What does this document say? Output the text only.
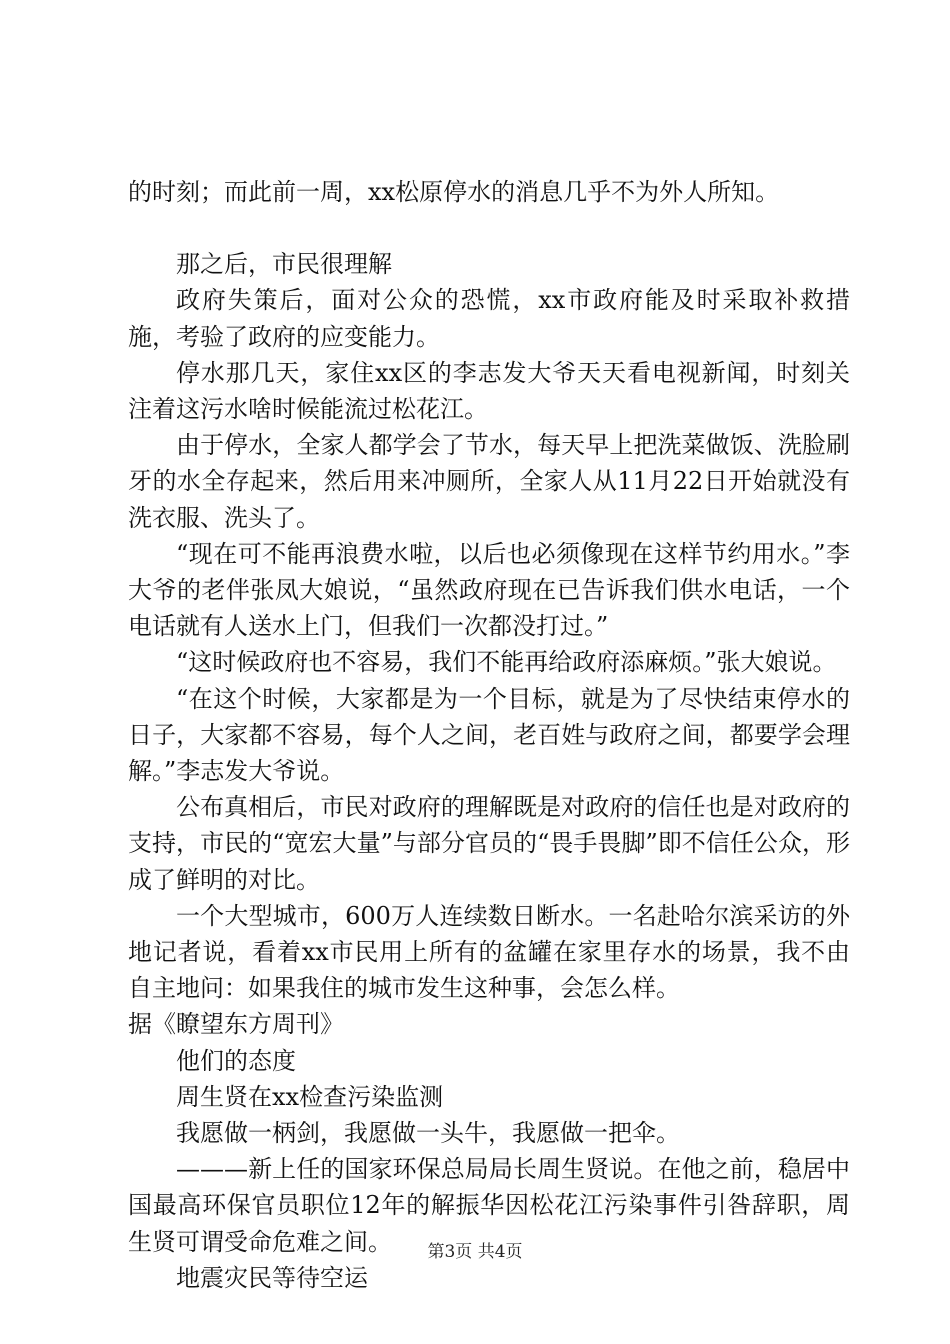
的时刻；而此前一周，xx松原停水的消息几乎不为外人所知。

那之后，市民很理解

政府失策后，面对公众的恐慌，xx市政府能及时采取补救措施，考验了政府的应变能力。

停水那几天，家住xx区的李志发大爷天天看电视新闻，时刻关注着这污水啥时候能流过松花江。

由于停水，全家人都学会了节水，每天早上把洗菜做饭、洗脸刷牙的水全存起来，然后用来冲厕所，全家人从11月22日开始就没有洗衣服、洗头了。

“现在可不能再浪费水啦，以后也必须像现在这样节约用水。”李大爷的老伴张凤大娘说，“虽然政府现在已告诉我们供水电话，一个电话就有人送水上门，但我们一次都没打过。”

“这时候政府也不容易，我们不能再给政府添麻烦。”张大娘说。

“在这个时候，大家都是为一个目标，就是为了尽快结束停水的日子，大家都不容易，每个人之间，老百姓与政府之间，都要学会理解。”李志发大爷说。

公布真相后，市民对政府的理解既是对政府的信任也是对政府的支持，市民的“宽宏大量”与部分官员的“畏手畏脚”即不信任公众，形成了鲜明的对比。

一个大型城市，600万人连续数日断水。一名赴哈尔滨采访的外地记者说，看着xx市民用上所有的盆罐在家里存水的场景，我不由自主地问：如果我住的城市发生这种事，会怎么样。

据《瞭望东方周刊》

他们的态度

周生贤在xx检查污染监测

我愿做一柄剑，我愿做一头牛，我愿做一把伞。

———新上任的国家环保总局局长周生贤说。在他之前，稳居中国最高环保官员职位12年的解振华因松花江污染事件引咎辞职，周生贤可谓受命危难之间。

地震灾民等待空运

第3页 共4页
